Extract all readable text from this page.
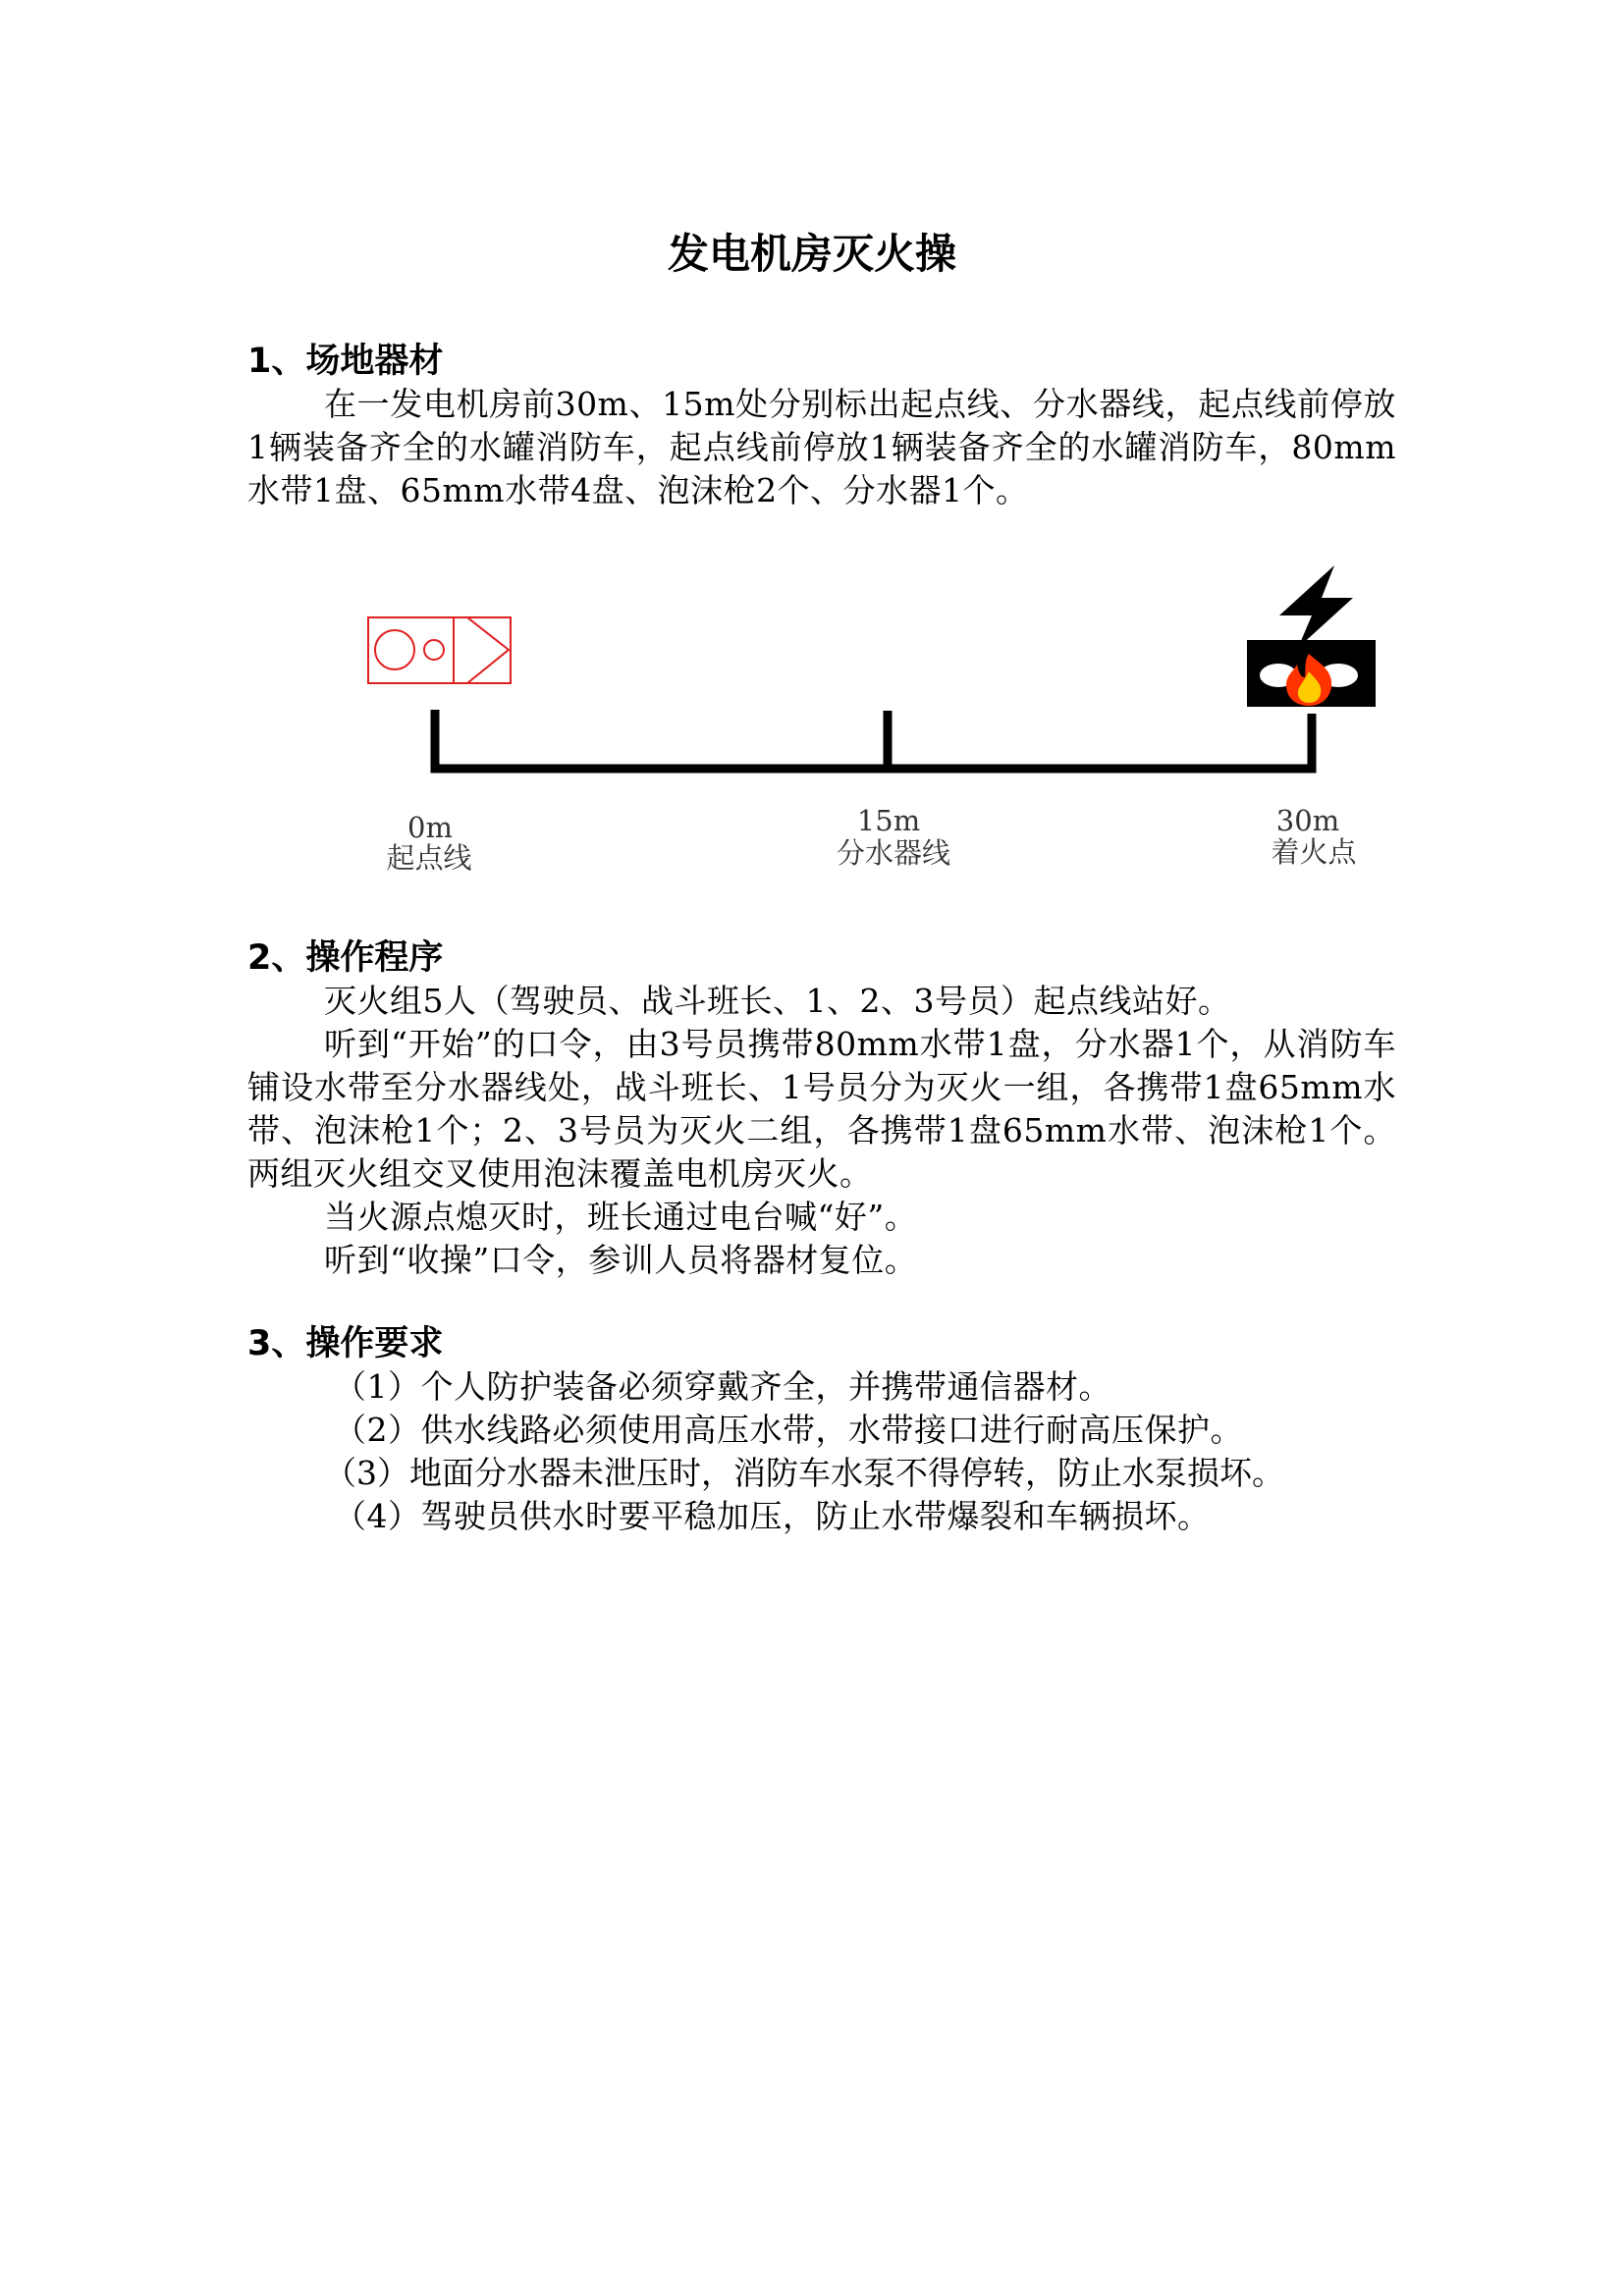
发电机房灭火操

1、场地器材

在一发电机房前30m、15m处分别标出起点线、分水器线，起点线前停放1辆装备齐全的水罐消防车，起点线前停放1辆装备齐全的水罐消防车，80mm水带1盘、65mm水带4盘、泡沫枪2个、分水器1个。

0m
起点线
15m
分水器线
30m
着火点

2、操作程序

灭火组5人（驾驶员、战斗班长、1、2、3号员）起点线站好。

听到“开始”的口令，由3号员携带80mm水带1盘，分水器1个，从消防车铺设水带至分水器线处，战斗班长、1号员分为灭火一组，各携带1盘65mm水带、泡沫枪1个；2、3号员为灭火二组，各携带1盘65mm水带、泡沫枪1个。两组灭火组交叉使用泡沫覆盖电机房灭火。

当火源点熄灭时，班长通过电台喊“好”。

听到“收操”口令，参训人员将器材复位。

3、操作要求

（1）个人防护装备必须穿戴齐全，并携带通信器材。

（2）供水线路必须使用高压水带，水带接口进行耐高压保护。

（3）地面分水器未泄压时，消防车水泵不得停转，防止水泵损坏。

（4）驾驶员供水时要平稳加压，防止水带爆裂和车辆损坏。
